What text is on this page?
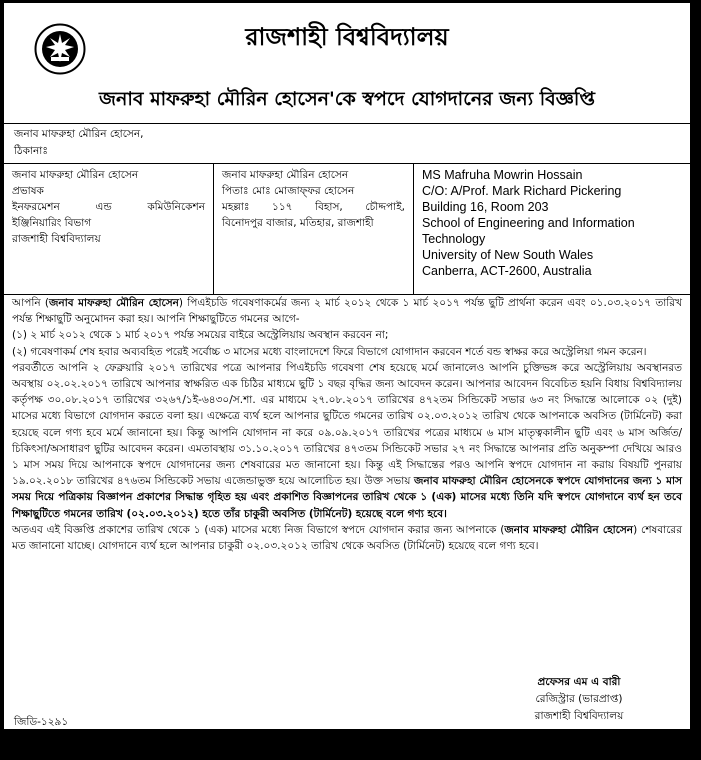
রাজশাহী বিশ্ববিদ্যালয়
জনাব মাফরুহা মৌরিন হোসেন'কে স্বপদে যোগদানের জন্য বিজ্ঞপ্তি
জনাব মাফরুহা মৌরিন হোসেন,
ঠিকানাঃ
জনাব মাফরুহা মৌরিন হোসেন
প্রভাষক
ইনফরমেশন এন্ড কমিউনিকেশন
ইঞ্জিনিয়ারিং বিভাগ
রাজশাহী বিশ্ববিদ্যালয়
জনাব মাফরুহা মৌরিন হোসেন
পিতাঃ মোঃ মোজাফ্ফর হোসেন
মহল্লাঃ ১১৭ বিহাস, চৌদ্দপাই,
বিনোদপুর বাজার, মতিহার, রাজশাহী
MS Mafruha Mowrin Hossain
C/O: A/Prof. Mark Richard Pickering
Building 16, Room 203
School of Engineering and Information
Technology
University of New South Wales
Canberra, ACT-2600, Australia

আপনি (জনাব মাফরুহা মৌরিন হোসেন) পিএইচডি গবেষণাকর্মের জন্য ২ মার্চ ২০১২ থেকে ১ মার্চ ২০১৭ পর্যন্ত ছুটি প্রার্থনা করেন এবং ০১.০৩.২০১৭ তারিখ পর্যন্ত শিক্ষাছুটি অনুমোদন করা হয়। আপনি শিক্ষাছুটিতে গমনের আগে-

(১) ২ মার্চ ২০১২ থেকে ১ মার্চ ২০১৭ পর্যন্ত সময়ের বাইরে অস্ট্রেলিয়ায় অবস্থান করবেন না;

(২) গবেষণাকর্ম শেষ হবার অব্যবহিত পরেই সর্বোচ্চ ৩ মাসের মধ্যে বাংলাদেশে ফিরে বিভাগে যোগাদান করবেন শর্তে বন্ড স্বাক্ষর করে অস্ট্রেলিয়া গমন করেন।

পরবর্তীতে আপনি ২ ফেব্রুয়ারি ২০১৭ তারিখের পত্রে আপনার পিএইচডি গবেষণা শেষ হয়েছে মর্মে জানালেও আপনি চুক্তিভঙ্গ করে অস্ট্রেলিয়ায় অবস্থানরত অবস্থায় ০২.০২.২০১৭ তারিখে আপনার স্বাক্ষরিত এক চিঠির মাধ্যমে ছুটি ১ বছর বৃদ্ধির জন্য আবেদন করেন। আপনার আবেদন বিবেচিত হয়নি বিধায় বিশ্ববিদ্যালয় কর্তৃপক্ষ ৩০.০৮.২০১৭ তারিখের ৩২৬৭/১ই-৬৪৩০/স.শা. এর মাধ্যমে ২৭.০৮.২০১৭ তারিখের ৪৭২তম সিন্ডিকেট সভার ৬৩ নং সিদ্ধান্তে আলোকে ০২ (দুই) মাসের মধ্যে বিভাগে যোগদান করতে বলা হয়। এক্ষেত্রে ব্যর্থ হলে আপনার ছুটিতে গমনের তারিখ ০২.০৩.২০১২ তারিখ থেকে আপনাকে অবসিত (টার্মিনেট) করা হয়েছে বলে গণ্য হবে মর্মে জানানো হয়। কিন্তু আপনি যোগদান না করে ০৯.০৯.২০১৭ তারিখের পত্রের মাধ্যমে ৬ মাস মাতৃত্বকালীন ছুটি এবং ৬ মাস অর্জিত/চিকিৎসা/অসাধারণ ছুটির আবেদন করেন। এমতাবস্থায় ৩১.১০.২০১৭ তারিখের ৪৭৩তম সিন্ডিকেট সভার ২৭ নং সিদ্ধান্তে আপনার প্রতি অনুকম্পা দেখিয়ে আরও ১ মাস সময় দিয়ে আপনাকে স্বপদে যোগদানের জন্য শেষবারের মত জানানো হয়। কিন্তু এই সিদ্ধান্তের পরও আপনি স্বপদে যোগদান না করায় বিষয়টি পুনরায় ১৯.০২.২০১৮ তারিখের ৪৭৬তম সিন্ডিকেট সভায় এজেন্ডাভুক্ত হয়ে আলোচিত হয়। উক্ত সভায় জনাব মাফরুহা মৌরিন হোসেনকে স্বপদে যোগদানের জন্য ১ মাস সময় দিয়ে পত্রিকায় বিজ্ঞাপন প্রকাশের সিদ্ধান্ত গৃহিত হয় এবং প্রকাশিত বিজ্ঞাপনের তারিখ থেকে ১ (এক) মাসের মধ্যে তিনি যদি স্বপদে যোগদানে ব্যর্থ হন তবে শিক্ষাছুটিতে গমনের তারিখ (০২.০৩.২০১২) হতে তাঁর চাকুরী অবসিত (টার্মিনেট) হয়েছে বলে গণ্য হবে।

অতএব এই বিজ্ঞপ্তি প্রকাশের তারিখ থেকে ১ (এক) মাসের মধ্যে নিজ বিভাগে স্বপদে যোগদান করার জন্য আপনাকে (জনাব মাফরুহা মৌরিন হোসেন) শেষবারের মত জানানো যাচ্ছে। যোগদানে ব্যর্থ হলে আপনার চাকুরী ০২.০৩.২০১২ তারিখ থেকে অবসিত (টার্মিনেট) হয়েছে বলে গণ্য হবে।

প্রফেসর এম এ বারী
রেজিস্ট্রার (ভারপ্রাপ্ত)
রাজশাহী বিশ্ববিদ্যালয়
জিডি-১২৯১
